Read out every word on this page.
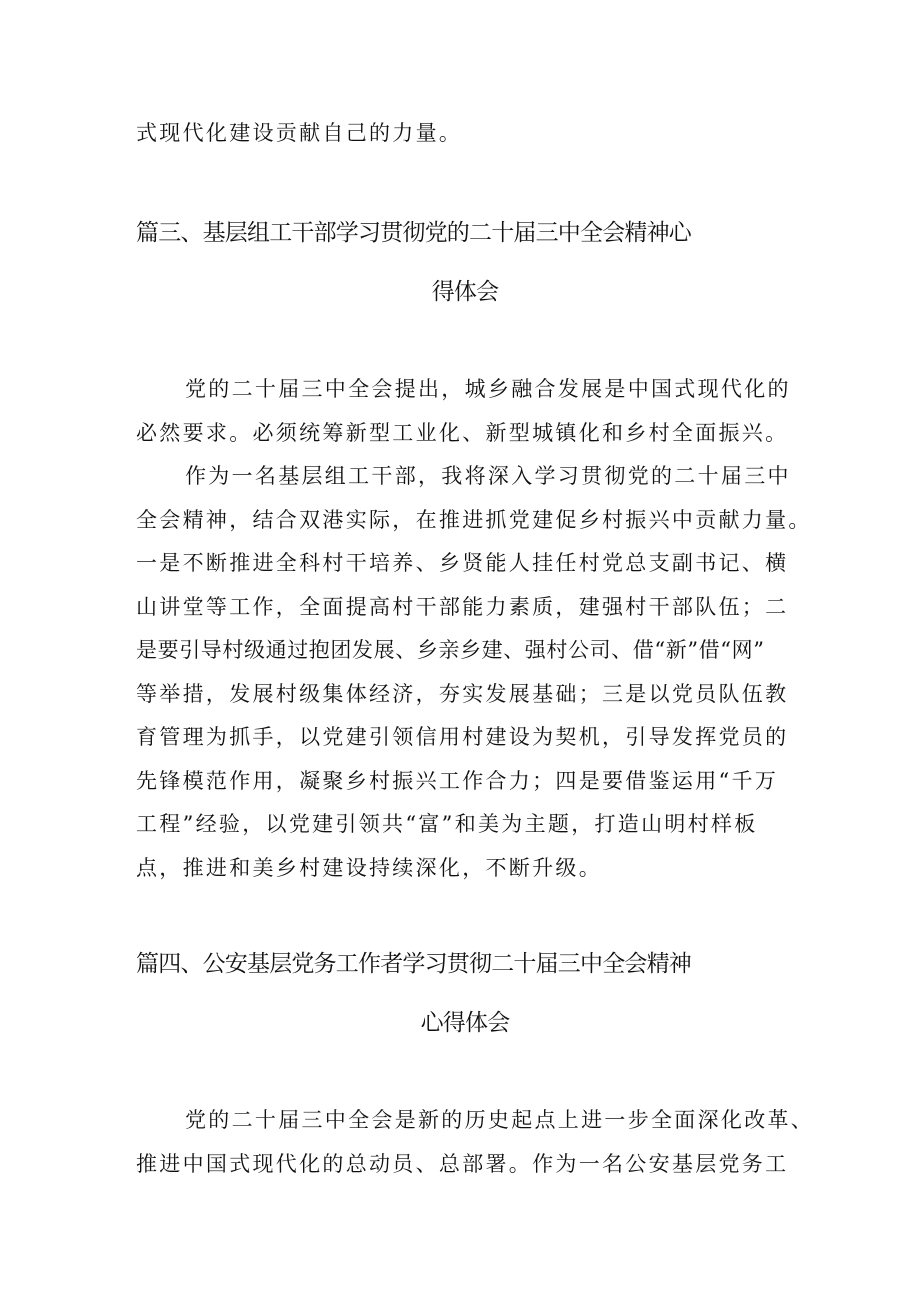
式现代化建设贡献自己的力量。
篇三、基层组工干部学习贯彻党的二十届三中全会精神心
得体会
党的二十届三中全会提出，城乡融合发展是中国式现代化的
必然要求。必须统筹新型工业化、新型城镇化和乡村全面振兴。
作为一名基层组工干部，我将深入学习贯彻党的二十届三中
全会精神，结合双港实际，在推进抓党建促乡村振兴中贡献力量。
一是不断推进全科村干培养、乡贤能人挂任村党总支副书记、横
山讲堂等工作，全面提高村干部能力素质，建强村干部队伍；二
是要引导村级通过抱团发展、乡亲乡建、强村公司、借“新”借“网”
等举措，发展村级集体经济，夯实发展基础；三是以党员队伍教
育管理为抓手，以党建引领信用村建设为契机，引导发挥党员的
先锋模范作用，凝聚乡村振兴工作合力；四是要借鉴运用“千万
工程”经验，以党建引领共“富”和美为主题，打造山明村样板
点，推进和美乡村建设持续深化，不断升级。
篇四、公安基层党务工作者学习贯彻二十届三中全会精神
心得体会
党的二十届三中全会是新的历史起点上进一步全面深化改革、
推进中国式现代化的总动员、总部署。作为一名公安基层党务工
